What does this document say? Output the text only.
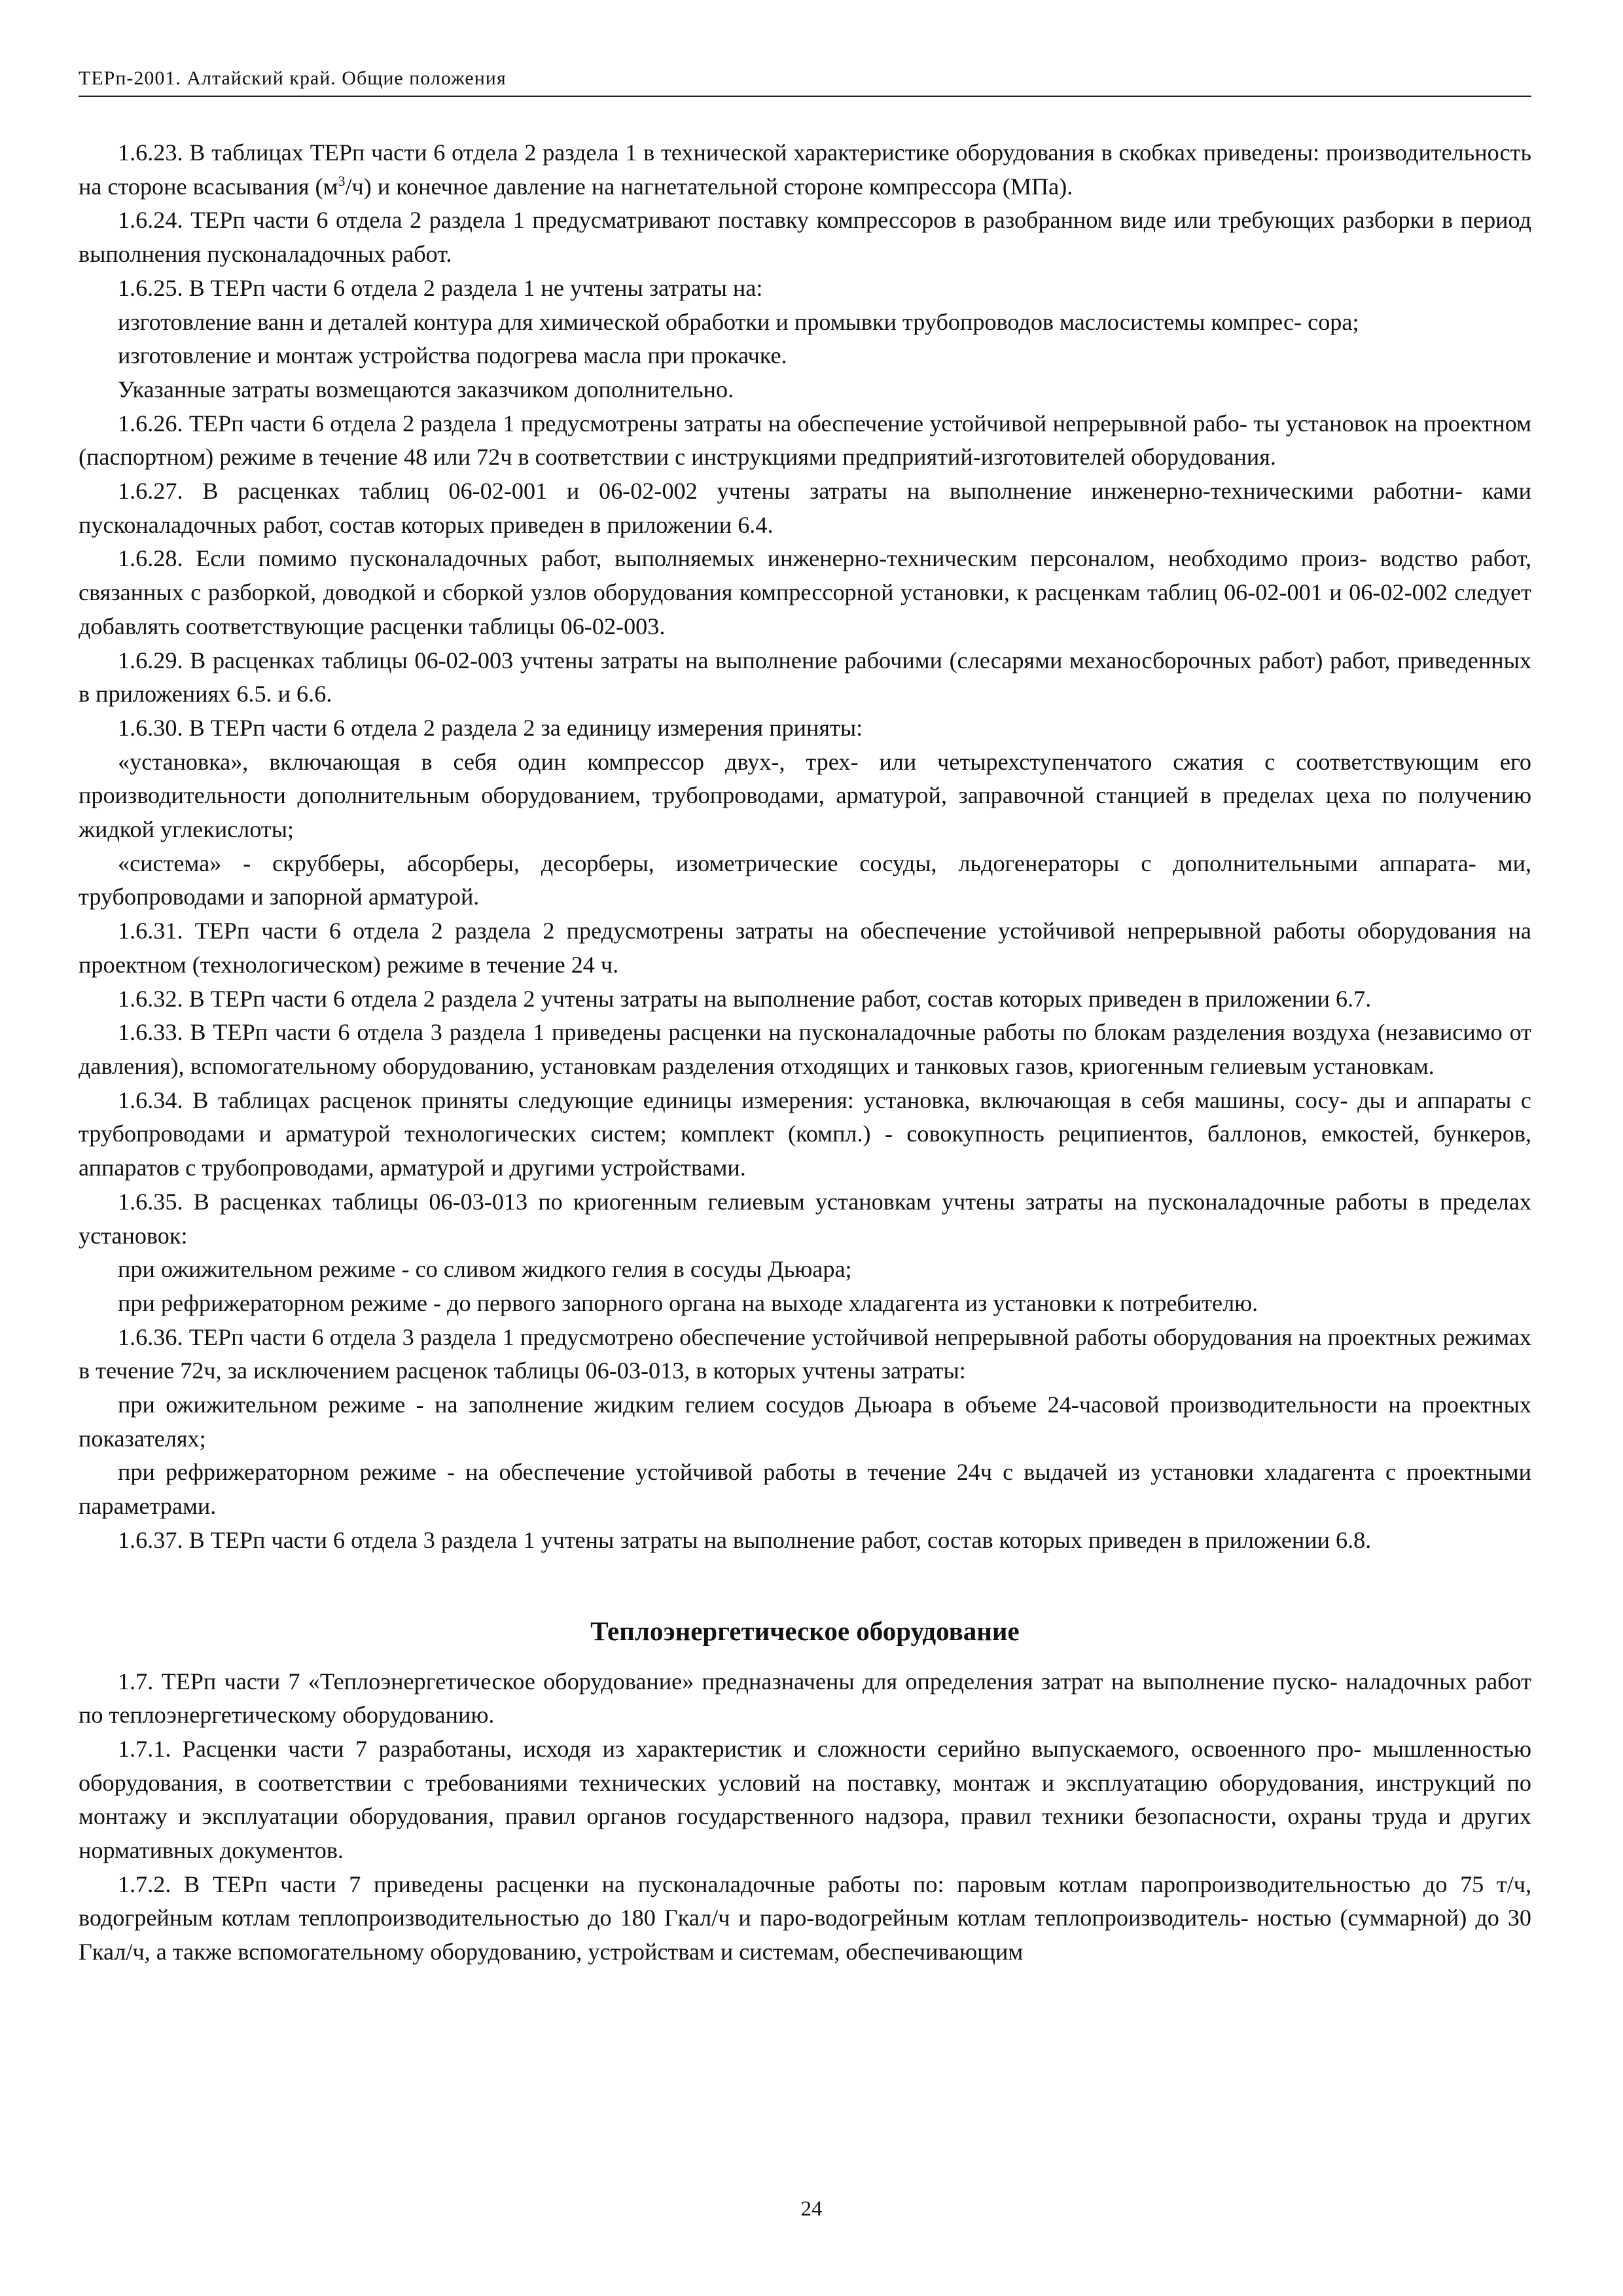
ТЕРп-2001. Алтайский край. Общие положения

1.6.23. В таблицах ТЕРп части 6 отдела 2 раздела 1 в технической характеристике оборудования в скобках приведены: производительность на стороне всасывания $(м^3/ч)$ и конечное давление на нагнетательной стороне компрессора (МПа).

1.6.24. ТЕРп части 6 отдела 2 раздела 1 предусматривают поставку компрессоров в разобранном виде или требующих разборки в период выполнения пусконаладочных работ.

1.6.25. В ТЕРп части 6 отдела 2 раздела 1 не учтены затраты на:

изготовление ванн и деталей контура для химической обработки и промывки трубопроводов маслосистемы компрес- сора;

изготовление и монтаж устройства подогрева масла при прокачке.

Указанные затраты возмещаются заказчиком дополнительно.

1.6.26. ТЕРп части 6 отдела 2 раздела 1 предусмотрены затраты на обеспечение устойчивой непрерывной рабо- ты установок на проектном (паспортном) режиме в течение 48 или 72ч в соответствии с инструкциями предприятий-изготовителей оборудования.

1.6.27. В расценках таблиц 06-02-001 и 06-02-002 учтены затраты на выполнение инженерно-техническими работни- ками пусконаладочных работ, состав которых приведен в приложении 6.4.

1.6.28. Если помимо пусконаладочных работ, выполняемых инженерно-техническим персоналом, необходимо произ- водство работ, связанных с разборкой, доводкой и сборкой узлов оборудования компрессорной установки, к расценкам таблиц 06-02-001 и 06-02-002 следует добавлять соответствующие расценки таблицы 06-02-003.

1.6.29. В расценках таблицы 06-02-003 учтены затраты на выполнение рабочими (слесарями механосборочных работ) работ, приведенных в приложениях 6.5. и 6.6.

1.6.30. В ТЕРп части 6 отдела 2 раздела 2 за единицу измерения приняты:

«установка», включающая в себя один компрессор двух-, трех- или четырехступенчатого сжатия с соответствующим его производительности дополнительным оборудованием, трубопроводами, арматурой, заправочной станцией в пределах цеха по получению жидкой углекислоты;

«система» - скрубберы, абсорберы, десорберы, изометрические сосуды, льдогенераторы с дополнительными аппарата- ми, трубопроводами и запорной арматурой.

1.6.31. ТЕРп части 6 отдела 2 раздела 2 предусмотрены затраты на обеспечение устойчивой непрерывной работы оборудования на проектном (технологическом) режиме в течение 24 ч.

1.6.32. В ТЕРп части 6 отдела 2 раздела 2 учтены затраты на выполнение работ, состав которых приведен в приложении 6.7.

1.6.33. В ТЕРп части 6 отдела 3 раздела 1 приведены расценки на пусконаладочные работы по блокам разделения воздуха (независимо от давления), вспомогательному оборудованию, установкам разделения отходящих и танковых газов, криогенным гелиевым установкам.

1.6.34. В таблицах расценок приняты следующие единицы измерения: установка, включающая в себя машины, сосу- ды и аппараты с трубопроводами и арматурой технологических систем; комплект (компл.) - совокупность реципиентов, баллонов, емкостей, бункеров, аппаратов с трубопроводами, арматурой и другими устройствами.

1.6.35. В расценках таблицы 06-03-013 по криогенным гелиевым установкам учтены затраты на пусконаладочные работы в пределах установок:

при ожижительном режиме - со сливом жидкого гелия в сосуды Дьюара;

при рефрижераторном режиме - до первого запорного органа на выходе хладагента из установки к потребителю.

1.6.36. ТЕРп части 6 отдела 3 раздела 1 предусмотрено обеспечение устойчивой непрерывной работы оборудования на проектных режимах в течение 72ч, за исключением расценок таблицы 06-03-013, в которых учтены затраты:

при ожижительном режиме - на заполнение жидким гелием сосудов Дьюара в объеме 24-часовой производительности на проектных показателях;

при рефрижераторном режиме - на обеспечение устойчивой работы в течение 24ч с выдачей из установки хладагента с проектными параметрами.

1.6.37. В ТЕРп части 6 отдела 3 раздела 1 учтены затраты на выполнение работ, состав которых приведен в приложении 6.8.

Теплоэнергетическое оборудование

1.7. ТЕРп части 7 «Теплоэнергетическое оборудование» предназначены для определения затрат на выполнение пуско- наладочных работ по теплоэнергетическому оборудованию.

1.7.1. Расценки части 7 разработаны, исходя из характеристик и сложности серийно выпускаемого, освоенного про- мышленностью оборудования, в соответствии с требованиями технических условий на поставку, монтаж и эксплуатацию оборудования, инструкций по монтажу и эксплуатации оборудования, правил органов государственного надзора, правил техники безопасности, охраны труда и других нормативных документов.

1.7.2. В ТЕРп части 7 приведены расценки на пусконаладочные работы по: паровым котлам паропроизводительностью до 75 т/ч, водогрейным котлам теплопроизводительностью до 180 Гкал/ч и паро-водогрейным котлам теплопроизводитель- ностью (суммарной) до 30 Гкал/ч, а также вспомогательному оборудованию, устройствам и системам, обеспечивающим

24
